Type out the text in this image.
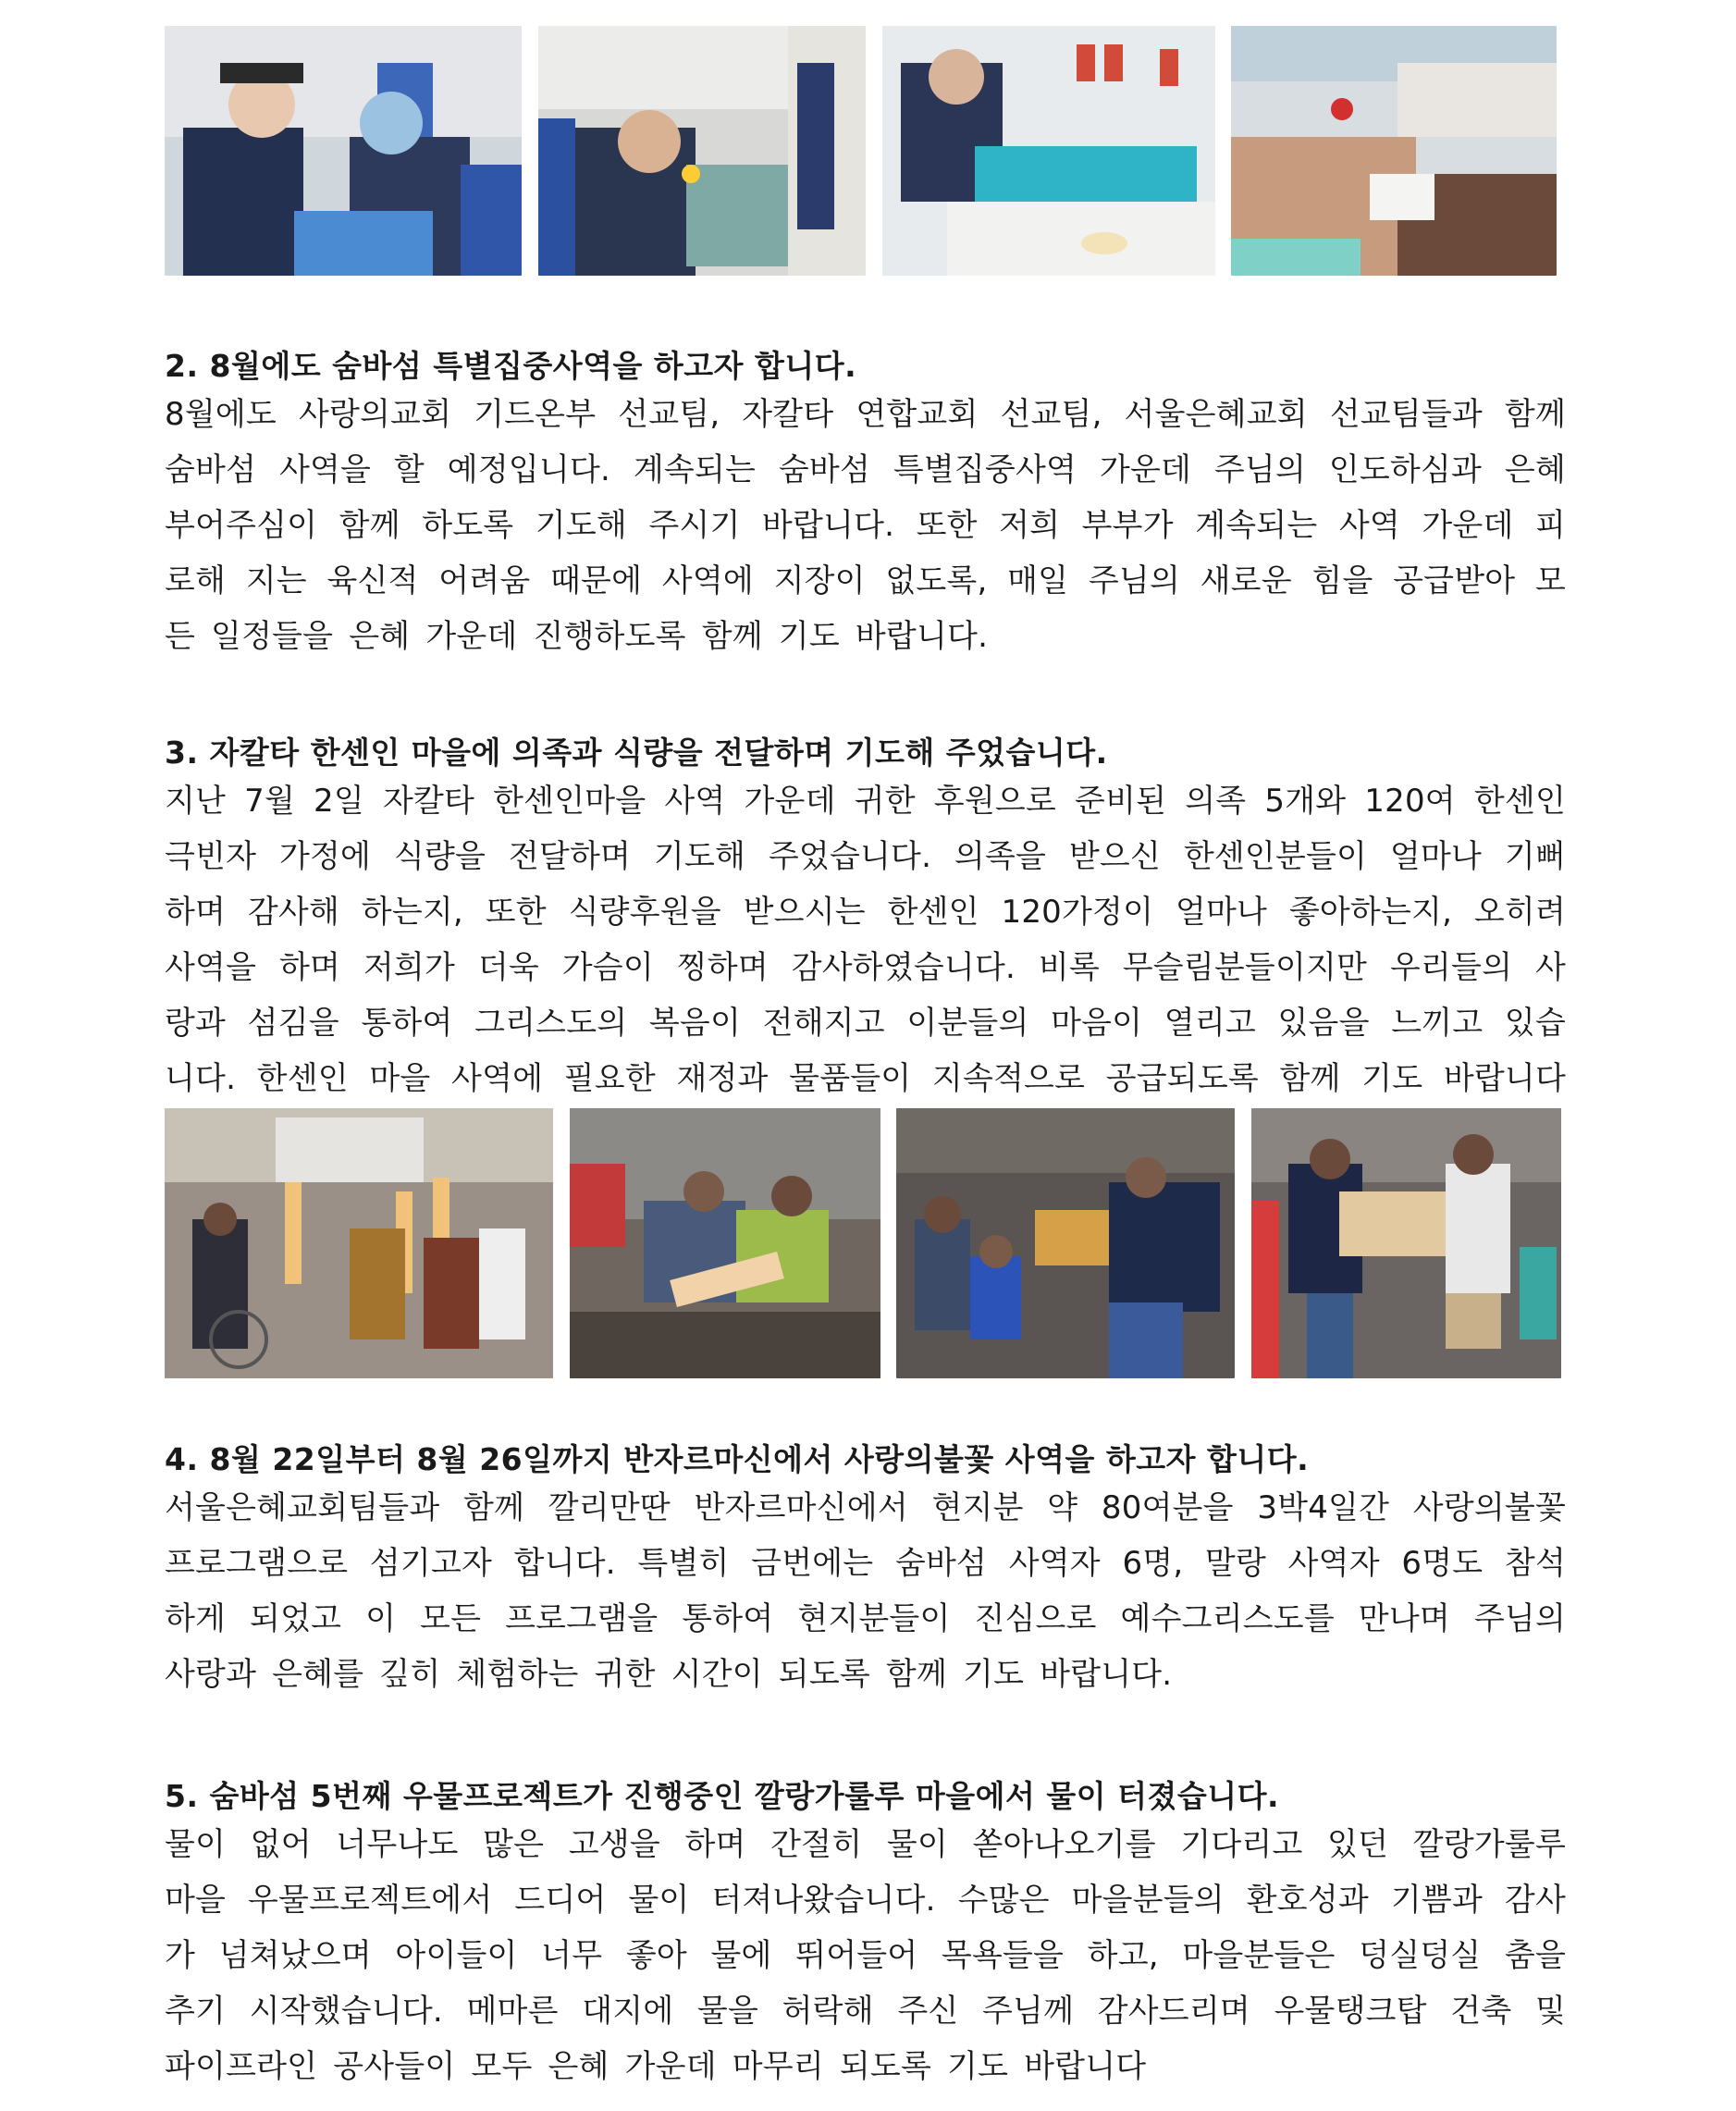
2. 8월에도 숨바섬 특별집중사역을 하고자 합니다.
8월에도 사랑의교회 기드온부 선교팀, 자칼타 연합교회 선교팀, 서울은혜교회 선교팀들과 함께
숨바섬 사역을 할 예정입니다. 계속되는 숨바섬 특별집중사역 가운데 주님의 인도하심과 은혜
부어주심이 함께 하도록 기도해 주시기 바랍니다. 또한 저희 부부가 계속되는 사역 가운데 피
로해 지는 육신적 어려움 때문에 사역에 지장이 없도록, 매일 주님의 새로운 힘을 공급받아 모
든 일정들을 은혜 가운데 진행하도록 함께 기도 바랍니다.
3. 자칼타 한센인 마을에 의족과 식량을 전달하며 기도해 주었습니다.
지난 7월 2일 자칼타 한센인마을 사역 가운데 귀한 후원으로 준비된 의족 5개와 120여 한센인
극빈자 가정에 식량을 전달하며 기도해 주었습니다. 의족을 받으신 한센인분들이 얼마나 기뻐
하며 감사해 하는지, 또한 식량후원을 받으시는 한센인 120가정이 얼마나 좋아하는지, 오히려
사역을 하며 저희가 더욱 가슴이 찡하며 감사하였습니다. 비록 무슬림분들이지만 우리들의 사
랑과 섬김을 통하여 그리스도의 복음이 전해지고 이분들의 마음이 열리고 있음을 느끼고 있습
니다. 한센인 마을 사역에 필요한 재정과 물품들이 지속적으로 공급되도록 함께 기도 바랍니다
4. 8월 22일부터 8월 26일까지 반자르마신에서 사랑의불꽃 사역을 하고자 합니다.
서울은혜교회팀들과 함께 깔리만딴 반자르마신에서 현지분 약 80여분을 3박4일간 사랑의불꽃
프로그램으로 섬기고자 합니다. 특별히 금번에는 숨바섬 사역자 6명, 말랑 사역자 6명도 참석
하게 되었고 이 모든 프로그램을 통하여 현지분들이 진심으로 예수그리스도를 만나며 주님의
사랑과 은혜를 깊히 체험하는 귀한 시간이 되도록 함께 기도 바랍니다.
5. 숨바섬 5번째 우물프로젝트가 진행중인 깔랑가룰루 마을에서 물이 터졌습니다.
물이 없어 너무나도 많은 고생을 하며 간절히 물이 쏟아나오기를 기다리고 있던 깔랑가룰루
마을 우물프로젝트에서 드디어 물이 터져나왔습니다. 수많은 마을분들의 환호성과 기쁨과 감사
가 넘쳐났으며 아이들이 너무 좋아 물에 뛰어들어 목욕들을 하고, 마을분들은 덩실덩실 춤을
추기 시작했습니다. 메마른 대지에 물을 허락해 주신 주님께 감사드리며 우물탱크탑 건축 및
파이프라인 공사들이 모두 은혜 가운데 마무리 되도록 기도 바랍니다
